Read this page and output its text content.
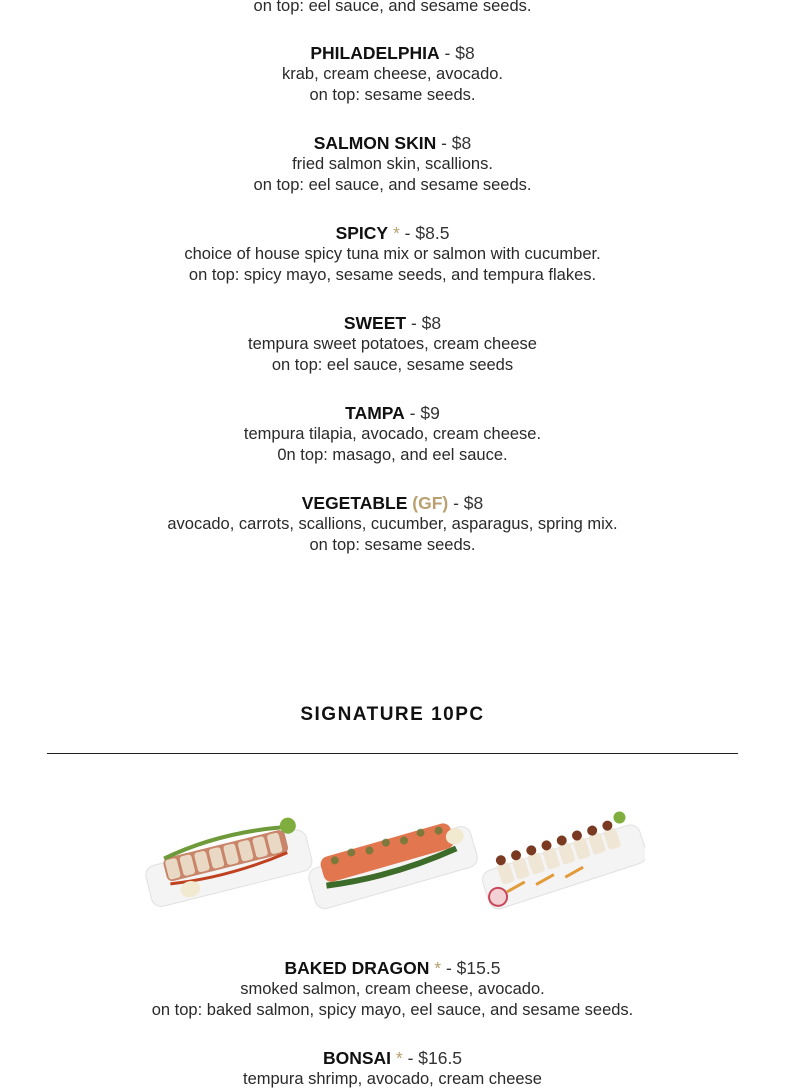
on top: eel sauce, and sesame seeds.
PHILADELPHIA - $8
krab, cream cheese, avocado.
on top: sesame seeds.
SALMON SKIN - $8
fried salmon skin, scallions.
on top: eel sauce, and sesame seeds.
SPICY * - $8.5
choice of house spicy tuna mix or salmon with cucumber.
on top: spicy mayo, sesame seeds, and tempura flakes.
SWEET - $8
tempura sweet potatoes, cream cheese
on top: eel sauce, sesame seeds
TAMPA - $9
tempura tilapia, avocado, cream cheese.
0n top: masago, and eel sauce.
VEGETABLE (GF) - $8
avocado, carrots, scallions, cucumber, asparagus, spring mix.
on top: sesame seeds.
SIGNATURE 10PC
BAKED DRAGON * - $15.5
smoked salmon, cream cheese, avocado.
on top: baked salmon, spicy mayo, eel sauce, and sesame seeds.
BONSAI * - $16.5
tempura shrimp, avocado, cream cheese
